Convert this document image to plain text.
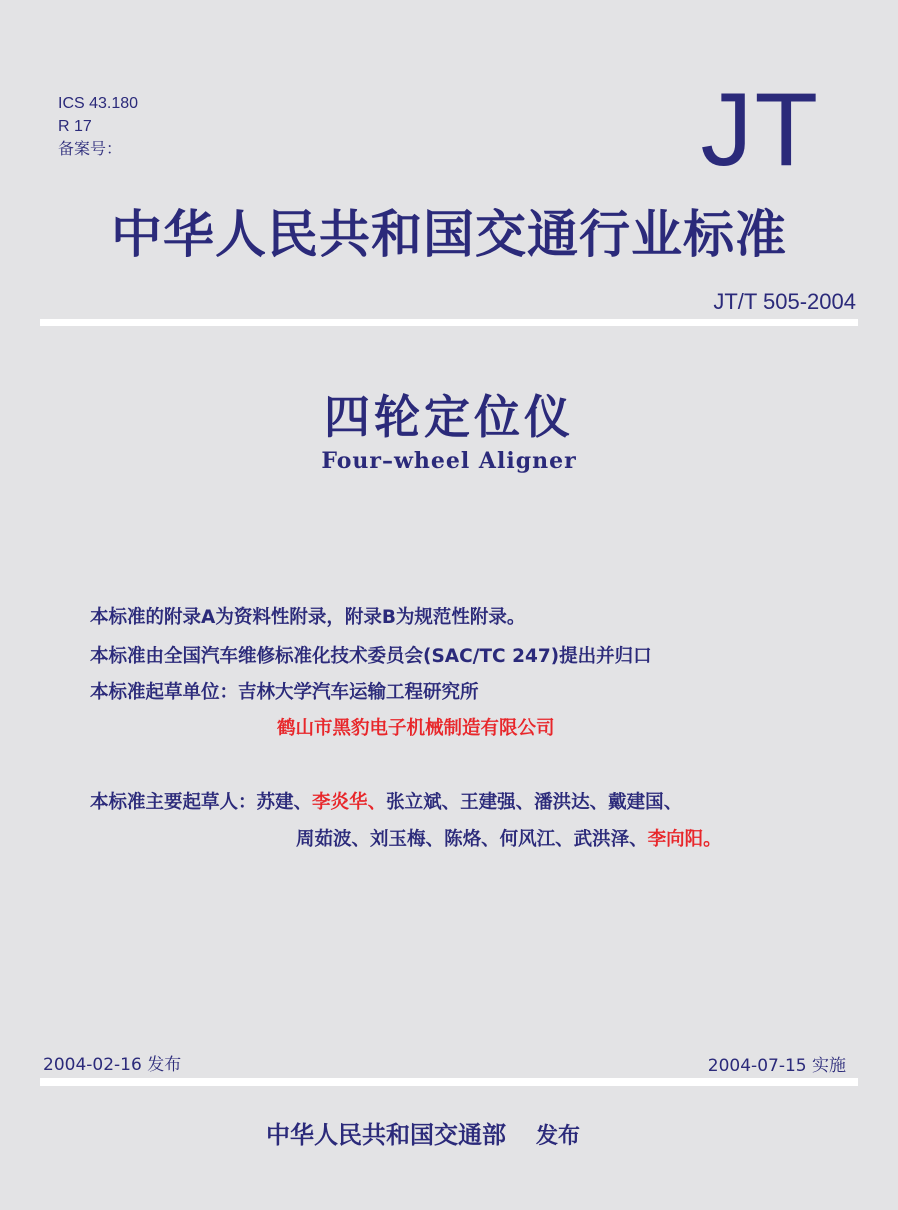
ICS 43.180
R 17
备案号：	JT
中华人民共和国交通行业标准
JT/T 505-2004
四轮定位仪
Four–wheel Aligner
本标准的附录A为资料性附录，附录B为规范性附录。
本标准由全国汽车维修标准化技术委员会(SAC/TC 247)提出并归口
本标准起草单位：吉林大学汽车运输工程研究所
鹤山市黑豹电子机械制造有限公司
本标准主要起草人：苏建、李炎华、张立斌、王建强、潘洪达、戴建国、
周茹波、刘玉梅、陈烙、何风江、武洪泽、李向阳。
2004-02-16 发布	2004-07-15 实施
中华人民共和国交通部 发布
